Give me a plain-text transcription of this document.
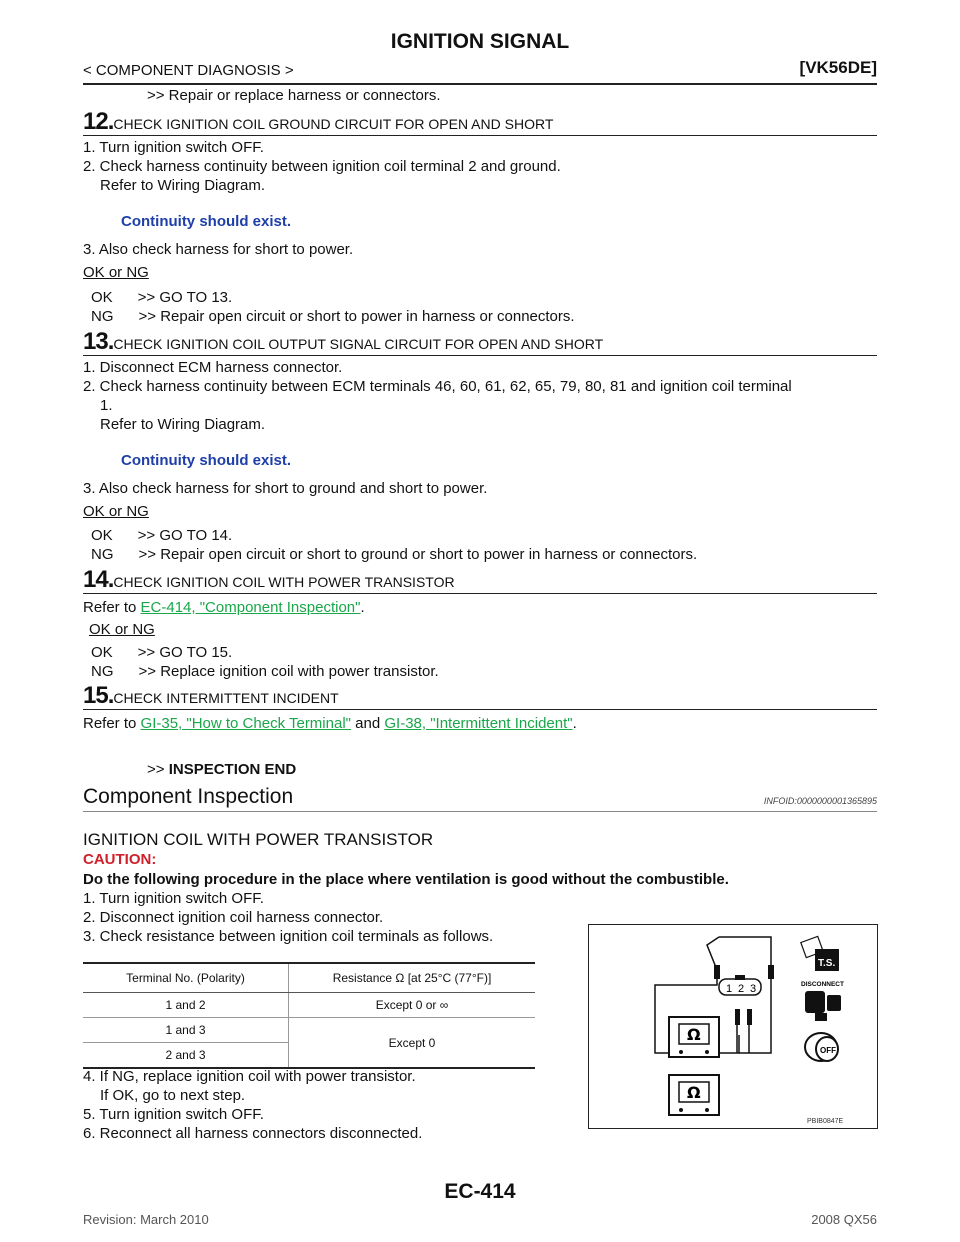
IGNITION SIGNAL
< COMPONENT DIAGNOSIS >	[VK56DE]
>> Repair or replace harness or connectors.
12.CHECK IGNITION COIL GROUND CIRCUIT FOR OPEN AND SHORT
1. Turn ignition switch OFF.
2. Check harness continuity between ignition coil terminal 2 and ground.
Refer to Wiring Diagram.
Continuity should exist.
3. Also check harness for short to power.
OK or NG
OK      >> GO TO 13.
NG      >> Repair open circuit or short to power in harness or connectors.
13.CHECK IGNITION COIL OUTPUT SIGNAL CIRCUIT FOR OPEN AND SHORT
1. Disconnect ECM harness connector.
2. Check harness continuity between ECM terminals 46, 60, 61, 62, 65, 79, 80, 81 and ignition coil terminal
1.
Refer to Wiring Diagram.
Continuity should exist.
3. Also check harness for short to ground and short to power.
OK or NG
OK      >> GO TO 14.
NG      >> Repair open circuit or short to ground or short to power in harness or connectors.
14.CHECK IGNITION COIL WITH POWER TRANSISTOR
Refer to EC-414, "Component Inspection".
OK or NG
OK      >> GO TO 15.
NG      >> Replace ignition coil with power transistor.
15.CHECK INTERMITTENT INCIDENT
Refer to GI-35, "How to Check Terminal" and GI-38, "Intermittent Incident".
>> INSPECTION END
Component Inspection	INFOID:0000000001365895
IGNITION COIL WITH POWER TRANSISTOR
CAUTION:
Do the following procedure in the place where ventilation is good without the combustible.
1. Turn ignition switch OFF.
2. Disconnect ignition coil harness connector.
3. Check resistance between ignition coil terminals as follows.
Terminal No. (Polarity)	Resistance Ω [at 25°C (77°F)]
1 and 2	Except 0 or ∞
1 and 3	Except 0
2 and 3	
4. If NG, replace ignition coil with power transistor.
If OK, go to next step.
5. Turn ignition switch OFF.
6. Reconnect all harness connectors disconnected.
1 2 3
Ω
Ω
T.S.
DISCONNECT
OFF
PBIB0847E
EC-414
Revision: March 2010	2008 QX56
